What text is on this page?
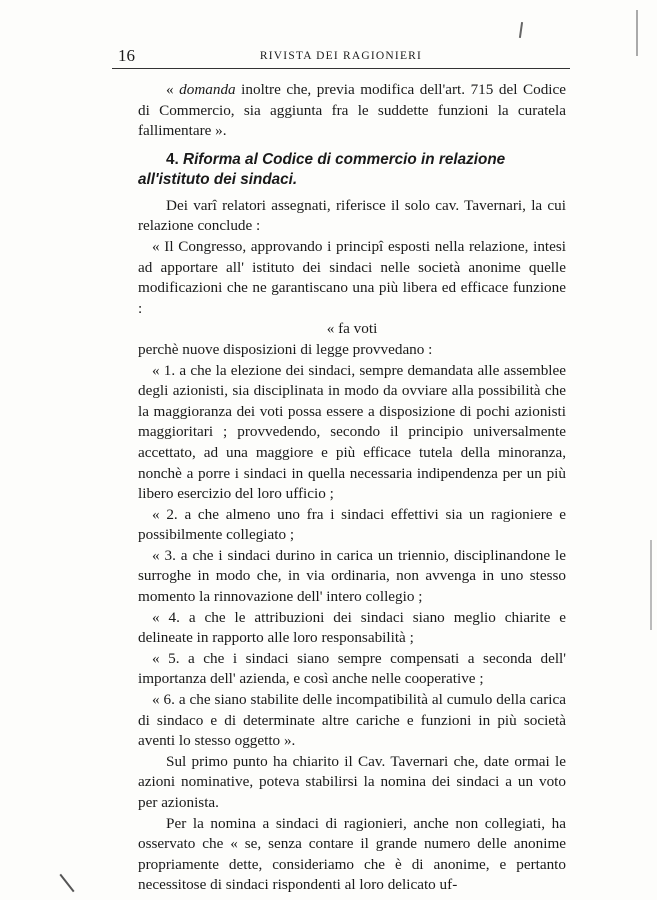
16	RIVISTA DEI RAGIONIERI

« domanda inoltre che, previa modifica dell'art. 715 del Codice di Commercio, sia aggiunta fra le suddette funzioni la curatela fallimentare ».

4. Riforma al Codice di commercio in relazione all'istituto dei sindaci.

Dei varî relatori assegnati, riferisce il solo cav. Tavernari, la cui relazione conclude :

« Il Congresso, approvando i principî esposti nella relazione, intesi ad apportare all' istituto dei sindaci nelle società anonime quelle modificazioni che ne garantiscano una più libera ed efficace funzione :

« fa voti

perchè nuove disposizioni di legge provvedano :

« 1. a che la elezione dei sindaci, sempre demandata alle assemblee degli azionisti, sia disciplinata in modo da ovviare alla possibilità che la maggioranza dei voti possa essere a disposizione di pochi azionisti maggioritari ; provvedendo, secondo il principio universalmente accettato, ad una maggiore e più efficace tutela della minoranza, nonchè a porre i sindaci in quella necessaria indipendenza per un più libero esercizio del loro ufficio ;

« 2. a che almeno uno fra i sindaci effettivi sia un ragioniere e possibilmente collegiato ;

« 3. a che i sindaci durino in carica un triennio, disciplinandone le surroghe in modo che, in via ordinaria, non avvenga in uno stesso momento la rinnovazione dell' intero collegio ;

« 4. a che le attribuzioni dei sindaci siano meglio chiarite e delineate in rapporto alle loro responsabilità ;

« 5. a che i sindaci siano sempre compensati a seconda dell' importanza dell' azienda, e così anche nelle cooperative ;

« 6. a che siano stabilite delle incompatibilità al cumulo della carica di sindaco e di determinate altre cariche e funzioni in più società aventi lo stesso oggetto ».

Sul primo punto ha chiarito il Cav. Tavernari che, date ormai le azioni nominative, poteva stabilirsi la nomina dei sindaci a un voto per azionista.

Per la nomina a sindaci di ragionieri, anche non collegiati, ha osservato che « se, senza contare il grande numero delle anonime propriamente dette, consideriamo che è di anonime, e pertanto necessitose di sindaci rispondenti al loro delicato uf-
